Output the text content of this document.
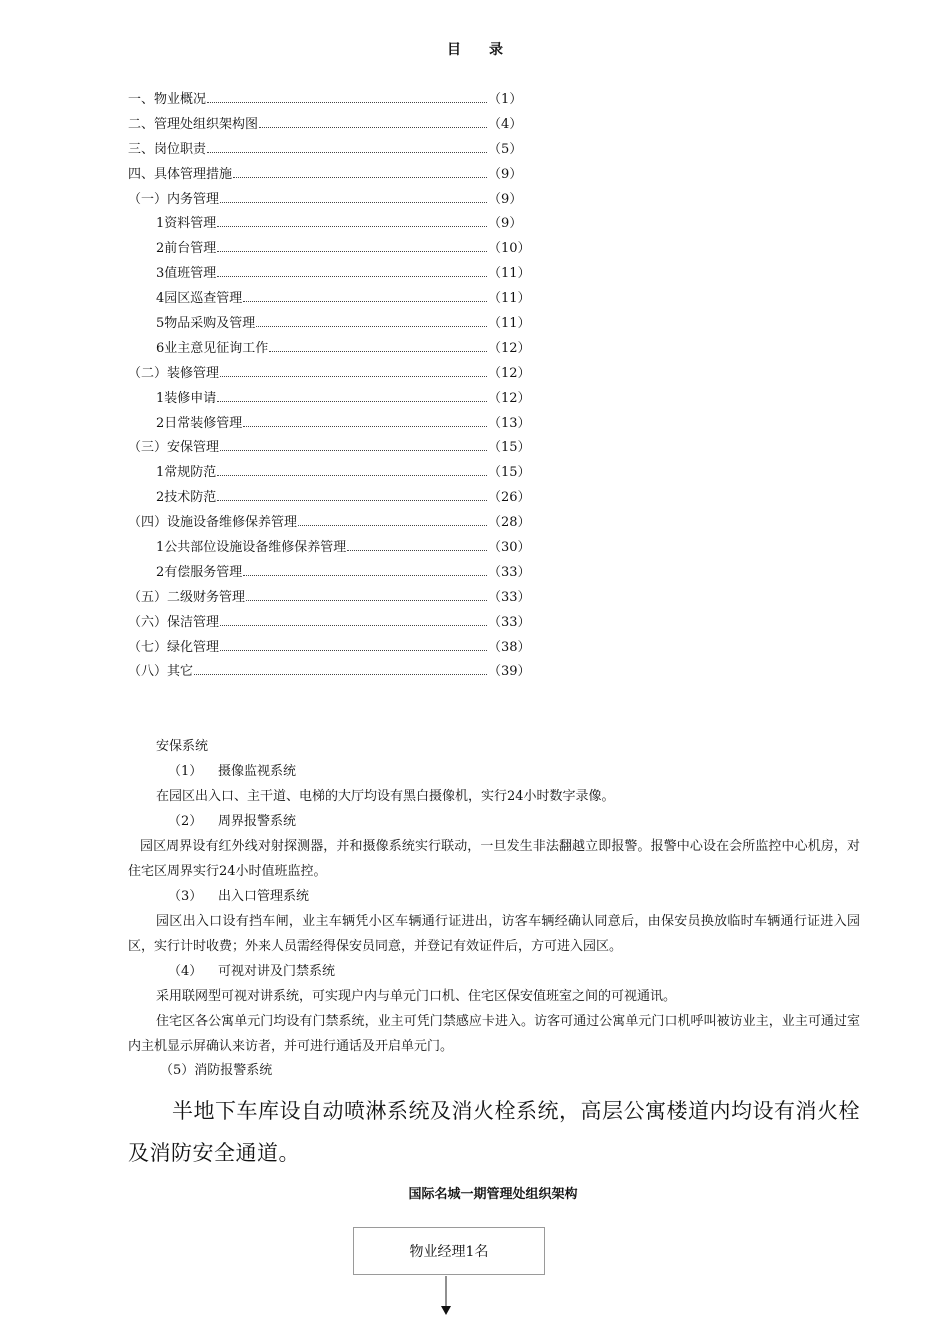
目录
一、物业概况	（1）
二、管理处组织架构图	（4）
三、岗位职责	（5）
四、具体管理措施	（9）
（一）内务管理	（9）
1资料管理	（9）
2前台管理	（10）
3值班管理	（11）
4园区巡查管理	（11）
5物品采购及管理	（11）
6业主意见征询工作	（12）
（二）装修管理	（12）
1装修申请	（12）
2日常装修管理	（13）
（三）安保管理	（15）
1常规防范	（15）
2技术防范	（26）
（四）设施设备维修保养管理	（28）
1公共部位设施设备维修保养管理	（30）
2有偿服务管理	（33）
（五）二级财务管理	（33）
（六）保洁管理	（33）
（七）绿化管理	（38）
（八）其它	（39）
安保系统
（1） 摄像监视系统
在园区出入口、主干道、电梯的大厅均设有黑白摄像机，实行24小时数字录像。
（2） 周界报警系统
园区周界设有红外线对射探测器，并和摄像系统实行联动，一旦发生非法翻越立即报警。报警中心设在会所监控中心机房，对住宅区周界实行24小时值班监控。
（3） 出入口管理系统
园区出入口设有挡车闸，业主车辆凭小区车辆通行证进出，访客车辆经确认同意后，由保安员换放临时车辆通行证进入园区，实行计时收费；外来人员需经得保安员同意，并登记有效证件后，方可进入园区。
（4） 可视对讲及门禁系统
采用联网型可视对讲系统，可实现户内与单元门口机、住宅区保安值班室之间的可视通讯。
住宅区各公寓单元门均设有门禁系统，业主可凭门禁感应卡进入。访客可通过公寓单元门口机呼叫被访业主，业主可通过室内主机显示屏确认来访者，并可进行通话及开启单元门。
（5）消防报警系统
半地下车库设自动喷淋系统及消火栓系统，高层公寓楼道内均设有消火栓及消防安全通道。
国际名城一期管理处组织架构
物业经理1名
